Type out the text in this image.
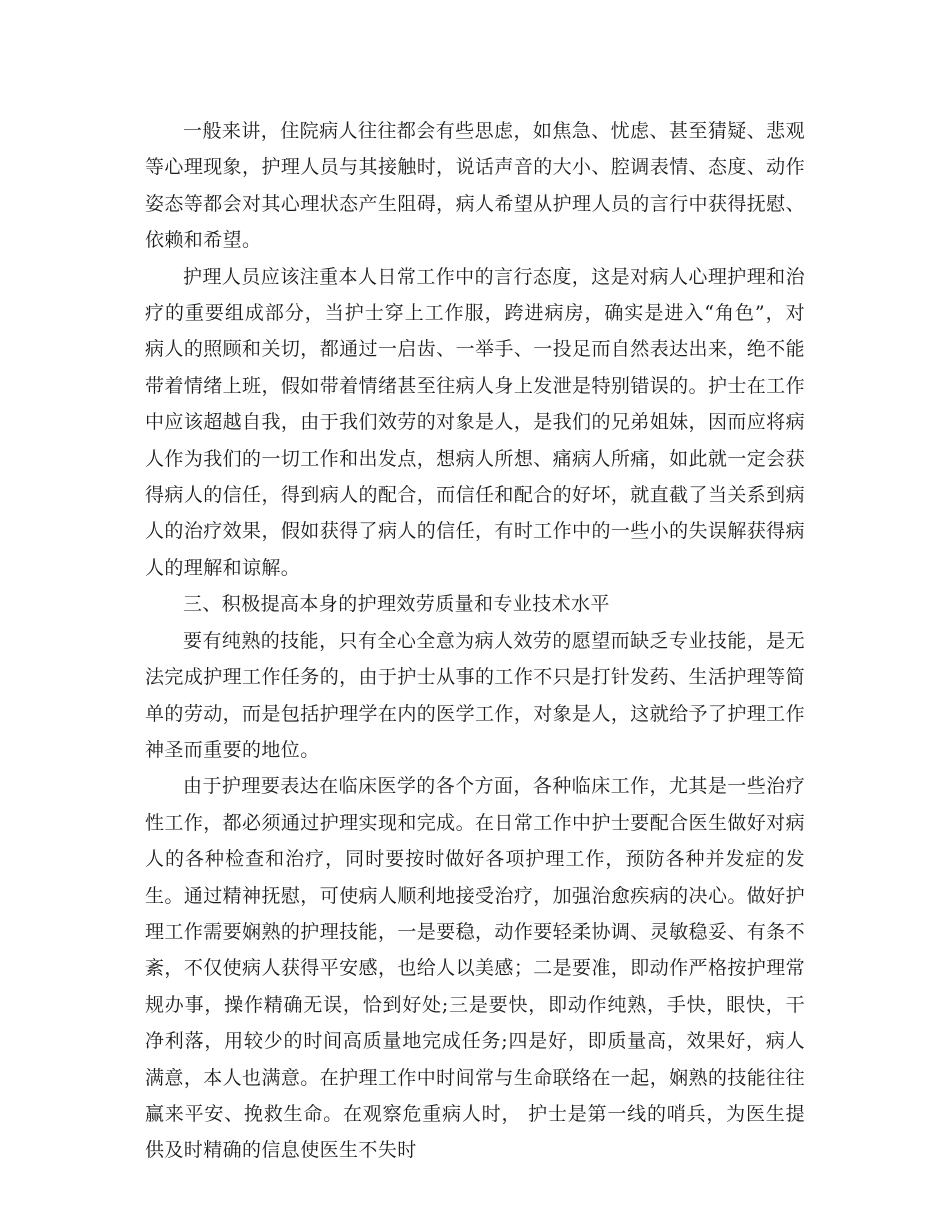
一般来讲，住院病人往往都会有些思虑，如焦急、忧虑、甚至猜疑、悲观等心理现象，护理人员与其接触时，说话声音的大小、腔调表情、态度、动作姿态等都会对其心理状态产生阻碍，病人希望从护理人员的言行中获得抚慰、依赖和希望。

护理人员应该注重本人日常工作中的言行态度，这是对病人心理护理和治疗的重要组成部分，当护士穿上工作服，跨进病房，确实是进入“角色”，对病人的照顾和关切，都通过一启齿、一举手、一投足而自然表达出来，绝不能带着情绪上班，假如带着情绪甚至往病人身上发泄是特别错误的。护士在工作中应该超越自我，由于我们效劳的对象是人，是我们的兄弟姐妹，因而应将病人作为我们的一切工作和出发点，想病人所想、痛病人所痛，如此就一定会获得病人的信任，得到病人的配合，而信任和配合的好坏，就直截了当关系到病人的治疗效果，假如获得了病人的信任，有时工作中的一些小的失误解获得病人的理解和谅解。

三、积极提高本身的护理效劳质量和专业技术水平

要有纯熟的技能，只有全心全意为病人效劳的愿望而缺乏专业技能，是无法完成护理工作任务的，由于护士从事的工作不只是打针发药、生活护理等简单的劳动，而是包括护理学在内的医学工作，对象是人，这就给予了护理工作神圣而重要的地位。

由于护理要表达在临床医学的各个方面，各种临床工作，尤其是一些治疗性工作，都必须通过护理实现和完成。在日常工作中护士要配合医生做好对病人的各种检查和治疗，同时要按时做好各项护理工作，预防各种并发症的发生。通过精神抚慰，可使病人顺利地接受治疗，加强治愈疾病的决心。做好护理工作需要娴熟的护理技能，一是要稳，动作要轻柔协调、灵敏稳妥、有条不紊，不仅使病人获得平安感，也给人以美感；二是要准，即动作严格按护理常规办事，操作精确无误，恰到好处;三是要快，即动作纯熟，手快，眼快，干净利落，用较少的时间高质量地完成任务;四是好，即质量高，效果好，病人满意，本人也满意。在护理工作中时间常与生命联络在一起，娴熟的技能往往赢来平安、挽救生命。在观察危重病人时， 护士是第一线的哨兵，为医生提供及时精确的信息使医生不失时
